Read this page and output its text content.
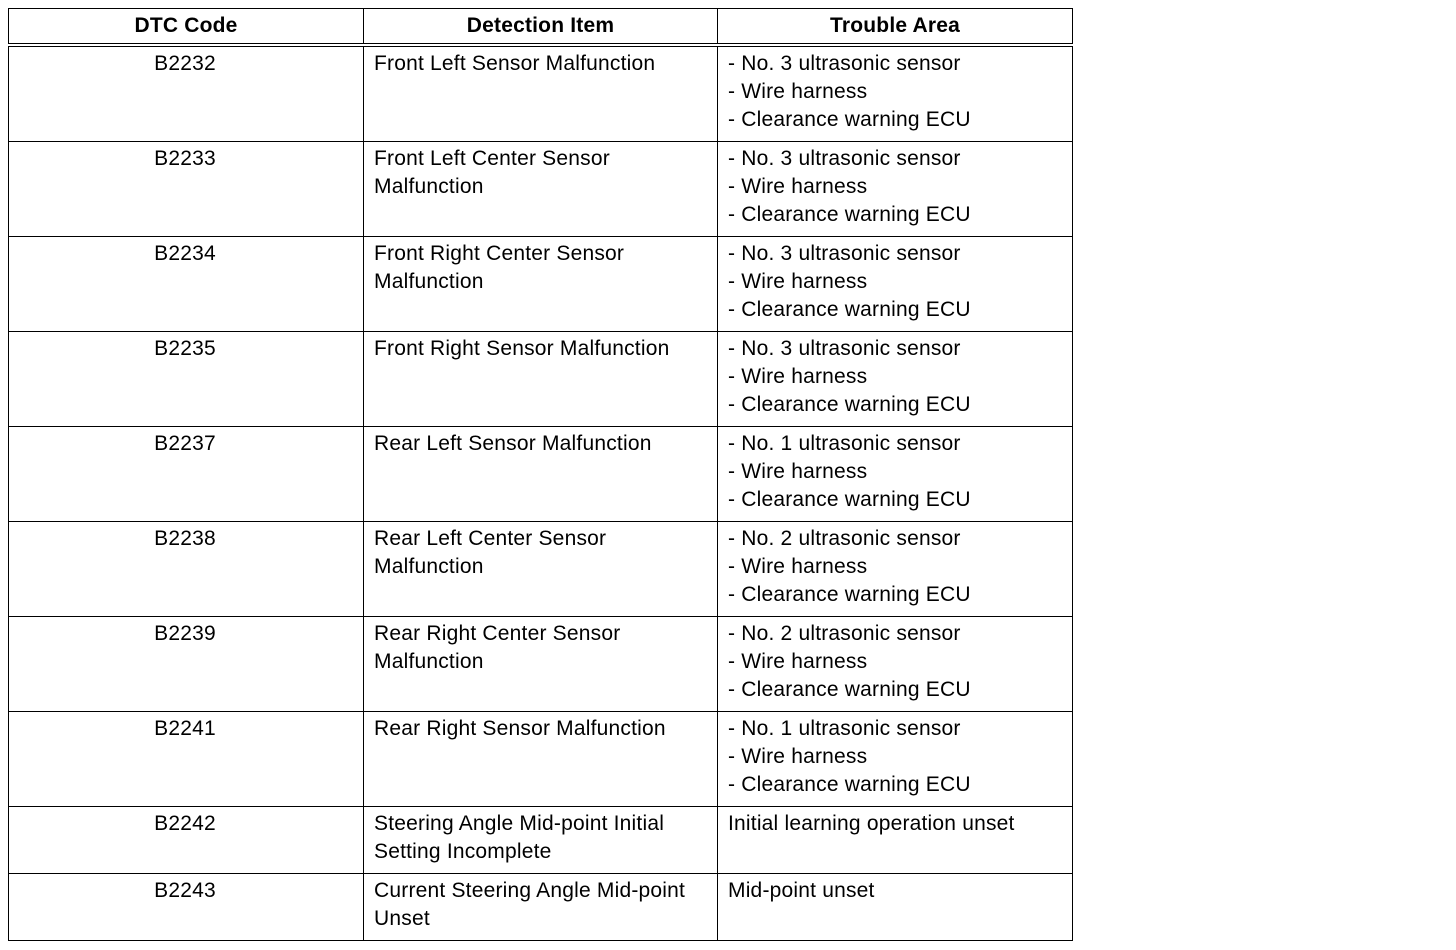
DTC Code	Detection Item	Trouble Area
B2232	Front Left Sensor Malfunction	- No. 3 ultrasonic sensor
- Wire harness
- Clearance warning ECU

B2233	Front Left Center Sensor Malfunction	- No. 3 ultrasonic sensor
- Wire harness
- Clearance warning ECU

B2234	Front Right Center Sensor Malfunction	- No. 3 ultrasonic sensor
- Wire harness
- Clearance warning ECU

B2235	Front Right Sensor Malfunction	- No. 3 ultrasonic sensor
- Wire harness
- Clearance warning ECU

B2237	Rear Left Sensor Malfunction	- No. 1 ultrasonic sensor
- Wire harness
- Clearance warning ECU

B2238	Rear Left Center Sensor Malfunction	- No. 2 ultrasonic sensor
- Wire harness
- Clearance warning ECU

B2239	Rear Right Center Sensor Malfunction	- No. 2 ultrasonic sensor
- Wire harness
- Clearance warning ECU

B2241	Rear Right Sensor Malfunction	- No. 1 ultrasonic sensor
- Wire harness
- Clearance warning ECU

B2242	Steering Angle Mid-point Initial Setting Incomplete	Initial learning operation unset

B2243	Current Steering Angle Mid-point Unset	Mid-point unset
